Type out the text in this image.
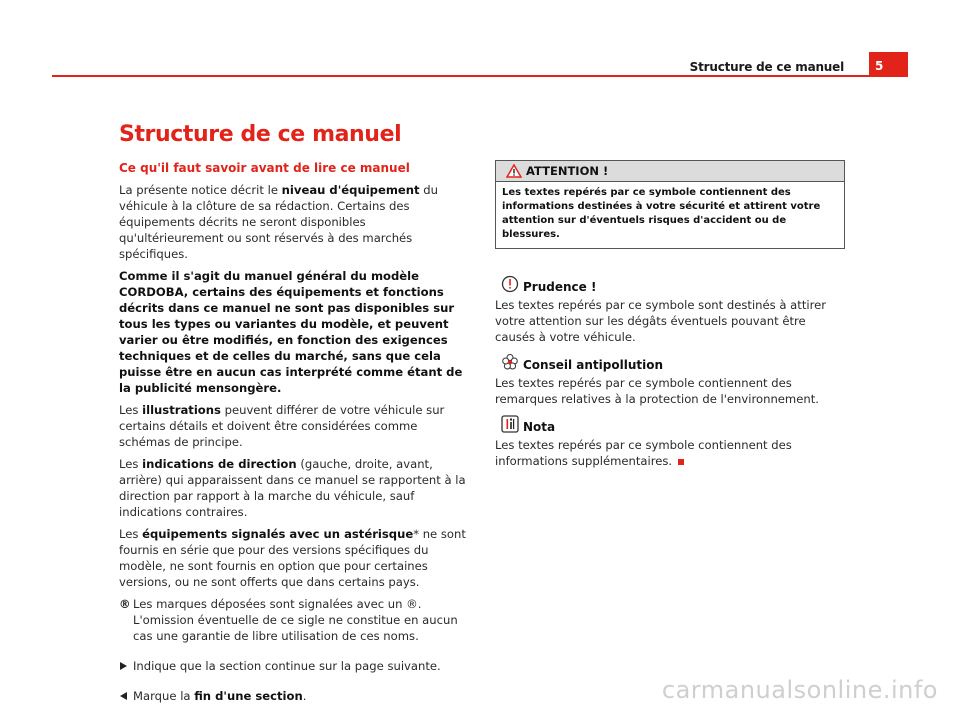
Structure de ce manuel	5
Structure de ce manuel
Ce qu'il faut savoir avant de lire ce manuel

La présente notice décrit le niveau d'équipement du véhicule à la clôture de sa rédaction. Certains des équipements décrits ne seront disponibles qu'ultérieurement ou sont réservés à des marchés spécifiques.

Comme il s'agit du manuel général du modèle CORDOBA, certains des équipements et fonctions décrits dans ce manuel ne sont pas disponibles sur tous les types ou variantes du modèle, et peuvent varier ou être modifiés, en fonction des exigences techniques et de celles du marché, sans que cela puisse être en aucun cas interprété comme étant de la publicité mensongère.

Les illustrations peuvent différer de votre véhicule sur certains détails et doivent être considérées comme schémas de principe.

Les indications de direction (gauche, droite, avant, arrière) qui apparaissent dans ce manuel se rapportent à la direction par rapport à la marche du véhicule, sauf indications contraires.

Les équipements signalés avec un astérisque* ne sont fournis en série que pour des versions spécifiques du modèle, ne sont fournis en option que pour certaines versions, ou ne sont offerts que dans certains pays.

® Les marques déposées sont signalées avec un ®. L'omission éventuelle de ce sigle ne constitue en aucun cas une garantie de libre utilisation de ces noms.
Indique que la section continue sur la page suivante.
Marque la fin d'une section.
ATTENTION !
Les textes repérés par ce symbole contiennent des informations destinées à votre sécurité et attirent votre attention sur d'éventuels risques d'accident ou de blessures.
Prudence !

Les textes repérés par ce symbole sont destinés à attirer votre attention sur les dégâts éventuels pouvant être causés à votre véhicule.

Conseil antipollution

Les textes repérés par ce symbole contiennent des remarques relatives à la protection de l'environnement.

Nota

Les textes repérés par ce symbole contiennent des informations supplémentaires.

carmanualsonline.info
